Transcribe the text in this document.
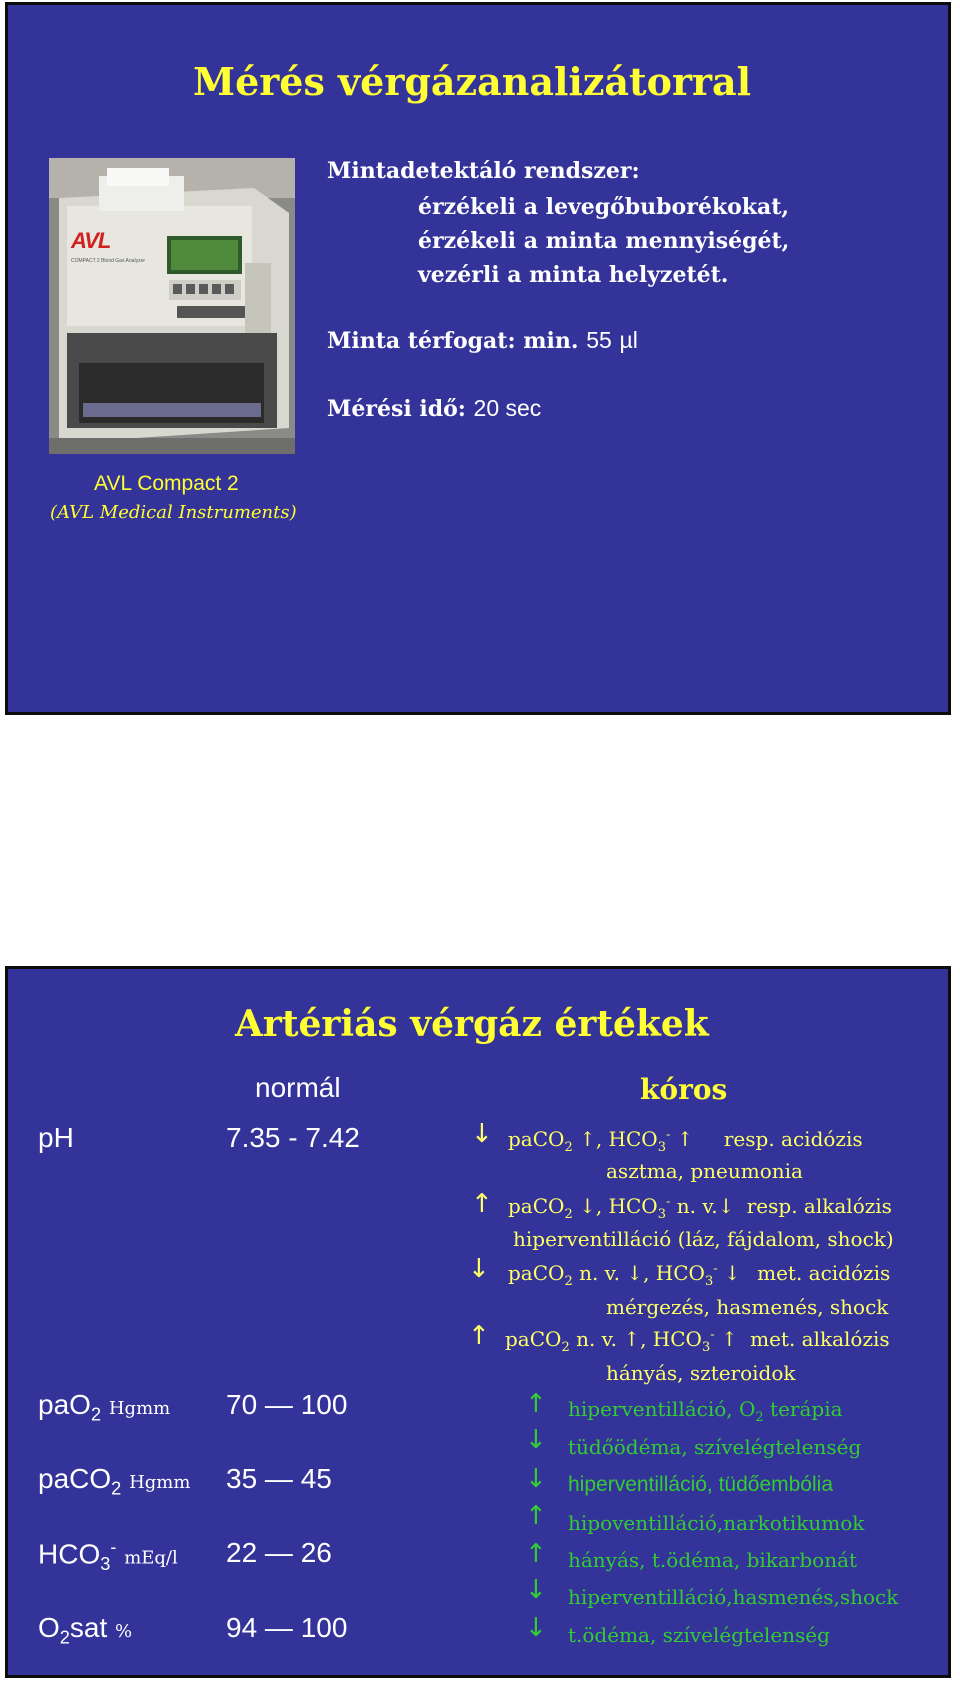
Mérés vérgázanalizátorral
AVL
COMPACT 2 Blood Gas Analyzer
Mintadetektáló rendszer:
érzékeli a levegőbuborékokat,
érzékeli a minta mennyiségét,
vezérli a minta helyzetét.
Minta térfogat: min. 55 µl
Mérési idő: 20 sec
AVL Compact 2
(AVL Medical Instruments)
Artériás vérgáz értékek
normál	kóros
pH	7.35 - 7.42	↓ paCO$_2$ ↑, $HCO_3^-$ ↑ resp. acidózis
asztma, pneumonia
↑ paCO$_2$ ↓, $HCO_3^-$ n. v.↓ resp. alkalózis
hiperventilláció (láz, fájdalom, shock)
↓ paCO$_2$ n. v. ↓, $HCO_3^-$ ↓ met. acidózis
mérgezés, hasmenés, shock
↑ paCO$_2$ n. v. ↑, $HCO_3^-$ ↑ met. alkalózis
hányás, szteroidok
paO$_2$ Hgmm 70 — 100	↑ hiperventilláció, $O_2$ terápia
↓ tüdőödéma, szívelégtelenség
paCO$_2$ Hgmm 35 — 45	↓ hiperventilláció, tüdőembólia
↑ hipoventilláció,narkotikumok
$HCO_3^-$ mEq/l 22 — 26	↑ hányás, t.ödéma, bikarbonát
↓ hiperventilláció,hasmenés,shock
$O_2sat$ %	94 — 100	↓ t.ödéma, szívelégtelenség
